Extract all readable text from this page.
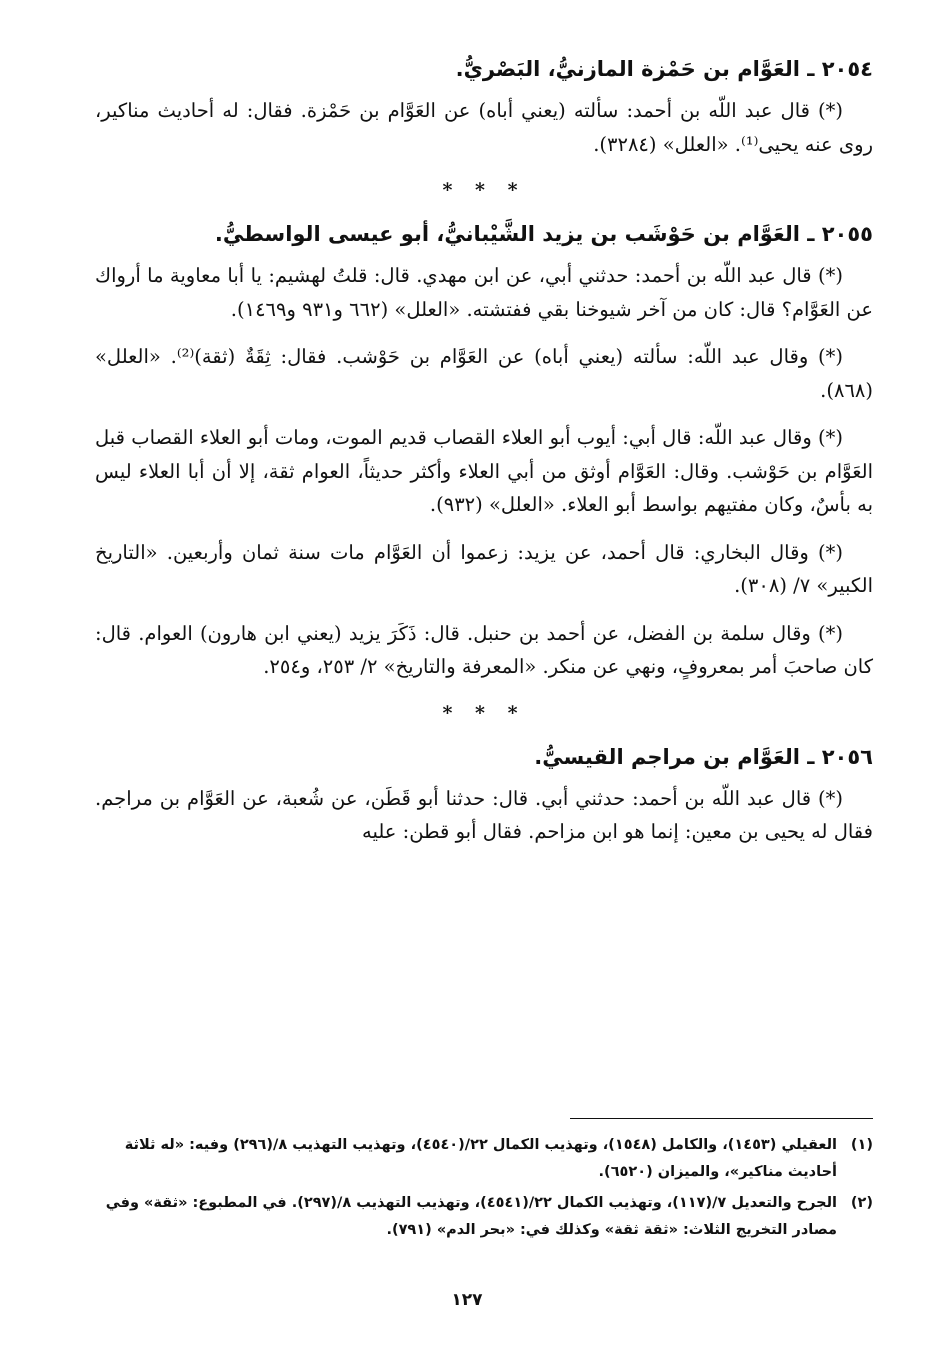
٢٠٥٤ ـ العَوَّام بن حَمْزة المازنيُّ، البَصْريُّ.
(*) قال عبد اللّه بن أحمد: سألته (يعني أباه) عن العَوَّام بن حَمْزة. فقال: له أحاديث مناكير، روى عنه يحيى⁽¹⁾. «العلل» (٣٢٨٤).
* * *
٢٠٥٥ ـ العَوَّام بن حَوْشَب بن يزيد الشَّيْبانيُّ، أبو عيسى الواسطيُّ.
(*) قال عبد اللّه بن أحمد: حدثني أبي، عن ابن مهدي. قال: قلتُ لهشيم: يا أبا معاوية ما أرواك عن العَوَّام؟ قال: كان من آخر شيوخنا بقي ففتشته. «العلل» (٦٦٢ و٩٣١ و١٤٦٩).
(*) وقال عبد اللّه: سألته (يعني أباه) عن العَوَّام بن حَوْشب. فقال: ثِقَةٌ (ثقة)⁽²⁾. «العلل» (٨٦٨).
(*) وقال عبد اللّه: قال أبي: أيوب أبو العلاء القصاب قديم الموت، ومات أبو العلاء القصاب قبل العَوَّام بن حَوْشب. وقال: العَوَّام أوثق من أبي العلاء وأكثر حديثاً، العوام ثقة، إلا أن أبا العلاء ليس به بأسٌ، وكان مفتيهم بواسط أبو العلاء. «العلل» (٩٣٢).
(*) وقال البخاري: قال أحمد، عن يزيد: زعموا أن العَوَّام مات سنة ثمان وأربعين. «التاريخ الكبير» ٧/ (٣٠٨).
(*) وقال سلمة بن الفضل، عن أحمد بن حنبل. قال: ذَكَرَ يزيد (يعني ابن هارون) العوام. قال: كان صاحبَ أمر بمعروفٍ، ونهي عن منكر. «المعرفة والتاريخ» ٢/ ٢٥٣، و٢٥٤.
* * *
٢٠٥٦ ـ العَوَّام بن مراجم القيسيُّ.
(*) قال عبد اللّه بن أحمد: حدثني أبي. قال: حدثنا أبو قَطَن، عن شُعبة، عن العَوَّام بن مراجم. فقال له يحيى بن معين: إنما هو ابن مزاحم. فقال أبو قطن: عليه
(١)
العقيلي (١٤٥٣)، والكامل (١٥٤٨)، وتهذيب الكمال ٢٢/(٤٥٤٠)، وتهذيب التهذيب ٨/(٢٩٦) وفيه: «له ثلاثة أحاديث مناكير»، والميزان (٦٥٢٠).
(٢)
الجرح والتعديل ٧/(١١٧)، وتهذيب الكمال ٢٢/(٤٥٤١)، وتهذيب التهذيب ٨/(٢٩٧). في المطبوع: «ثقة» وفي مصادر التخريج الثلاث: «ثقة ثقة» وكذلك في: «بحر الدم» (٧٩١).
١٢٧
